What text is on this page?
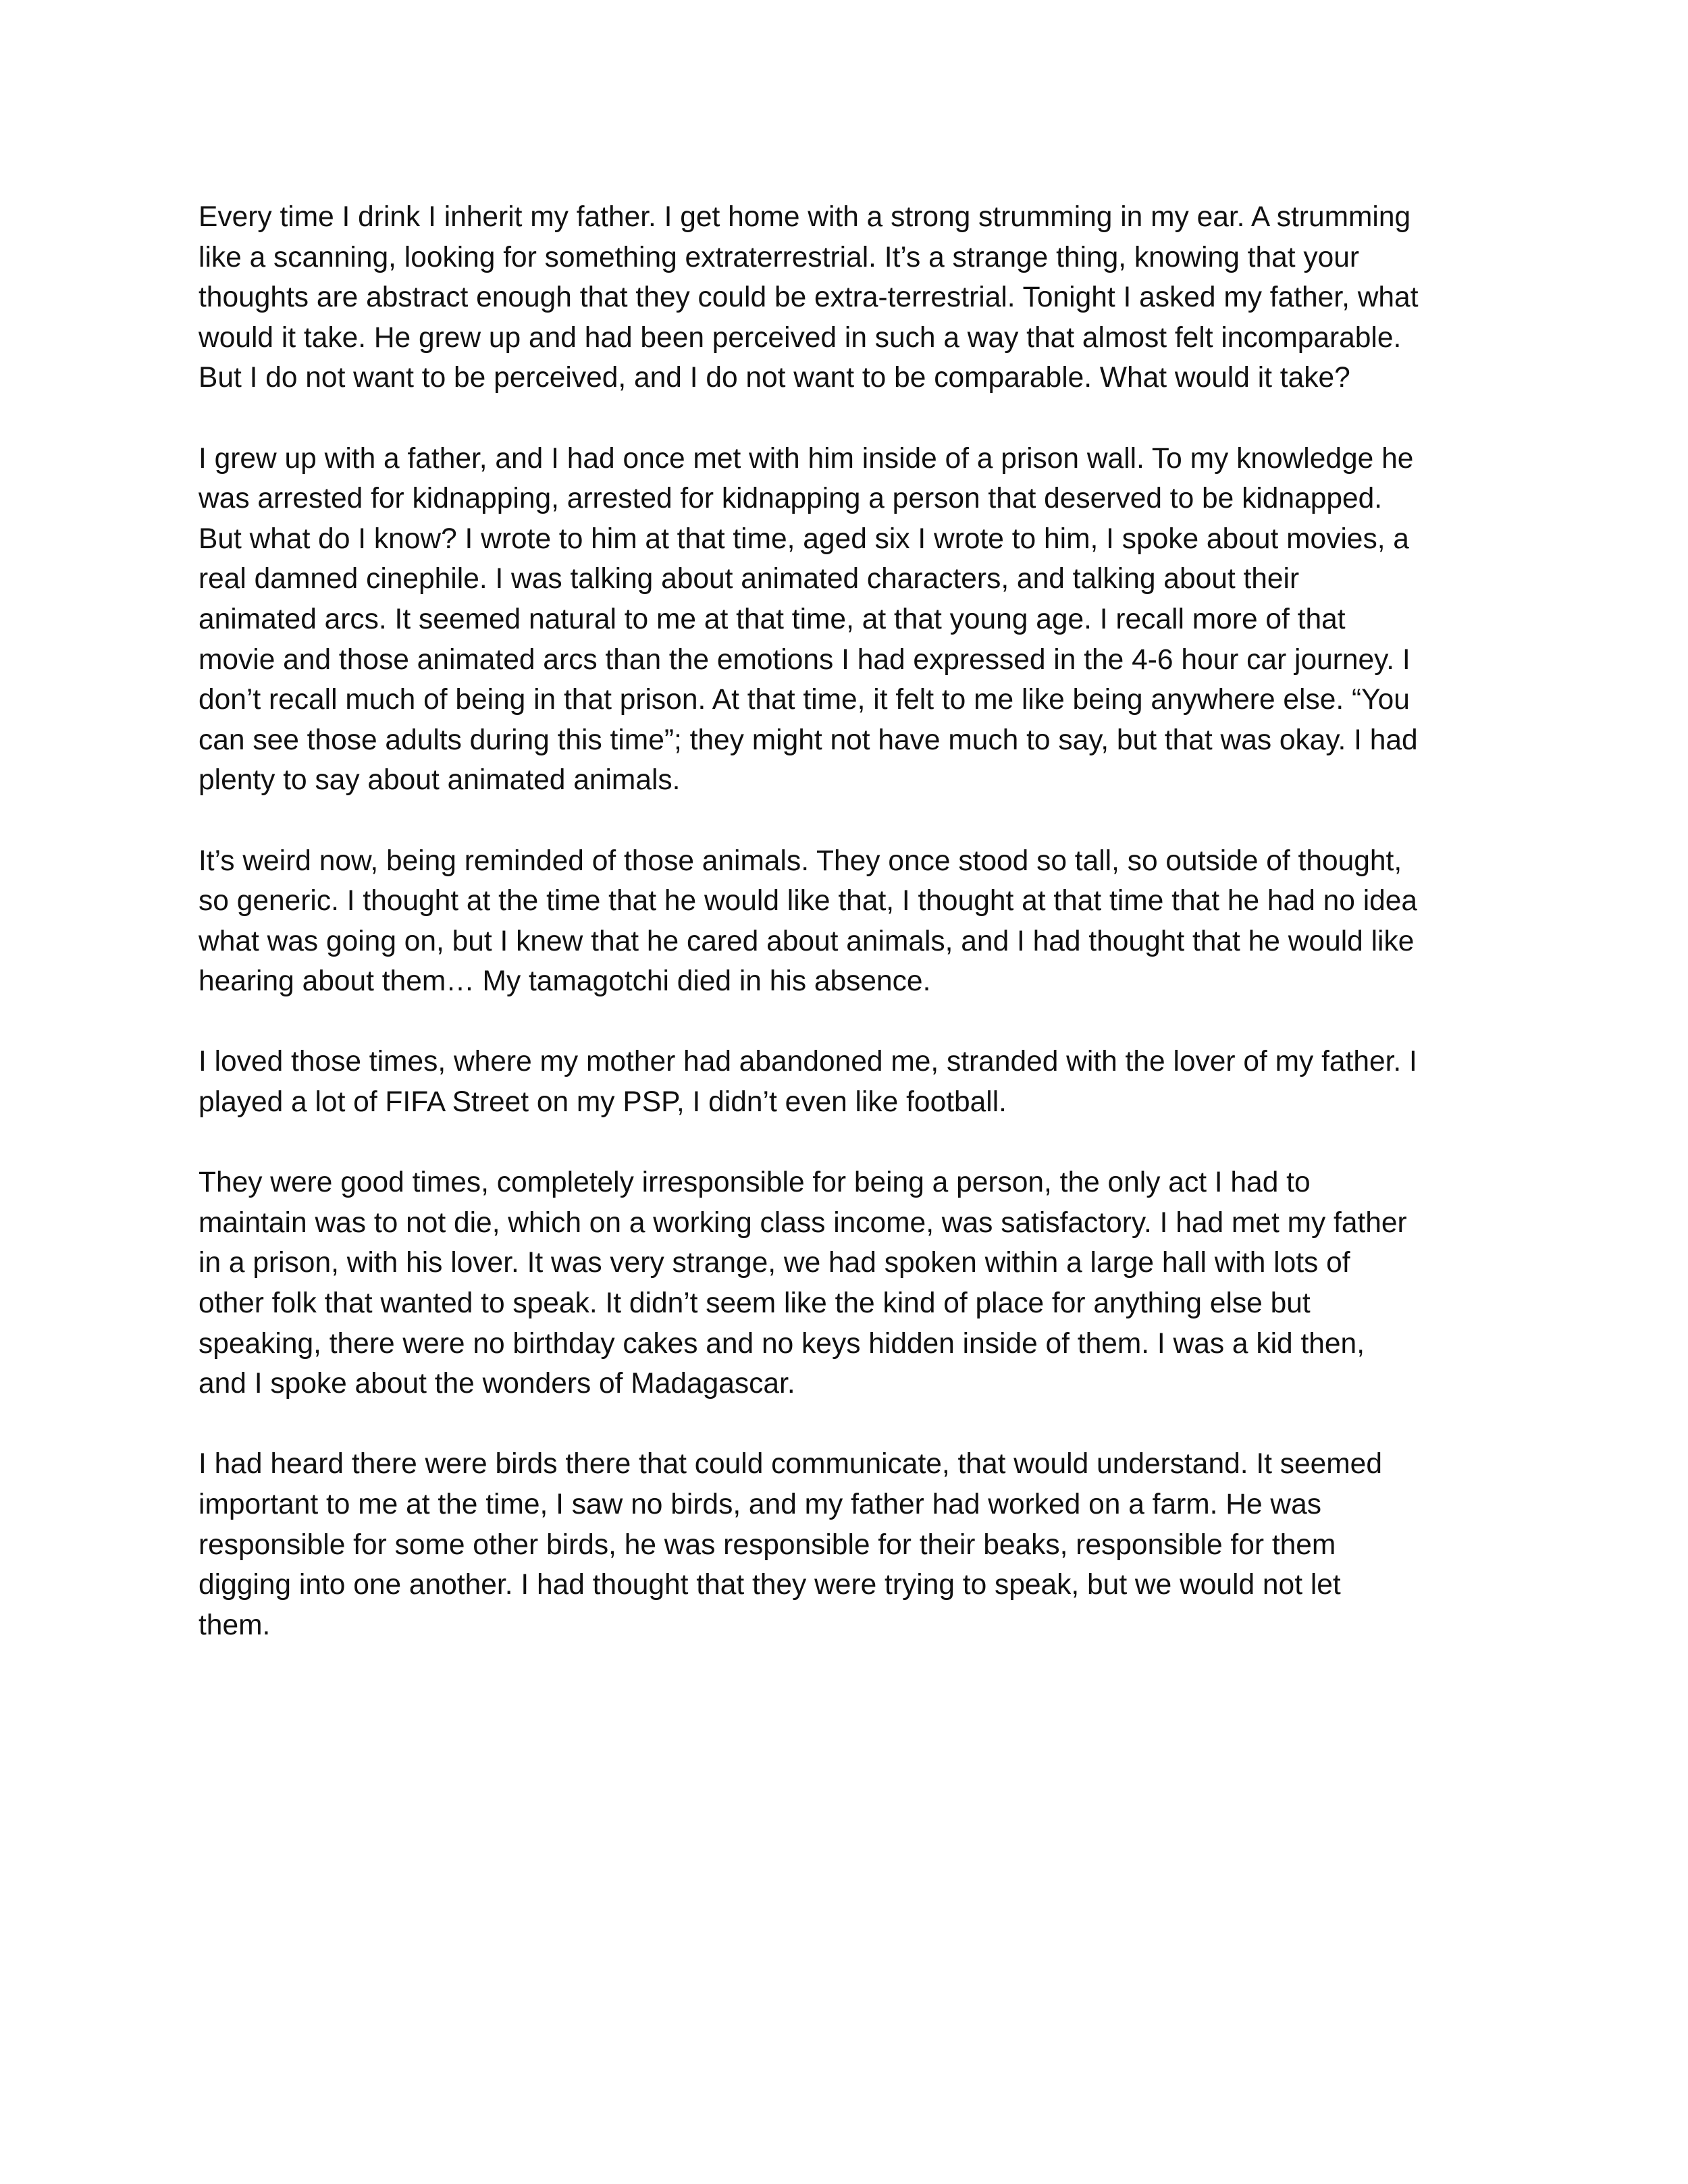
Every time I drink I inherit my father. I get home with a strong strumming in my ear. A strumming
like a scanning, looking for something extraterrestrial. It’s a strange thing, knowing that your
thoughts are abstract enough that they could be extra-terrestrial. Tonight I asked my father, what
would it take. He grew up and had been perceived in such a way that almost felt incomparable.
But I do not want to be perceived, and I do not want to be comparable. What would it take?

I grew up with a father, and I had once met with him inside of a prison wall. To my knowledge he
was arrested for kidnapping, arrested for kidnapping a person that deserved to be kidnapped.
But what do I know? I wrote to him at that time, aged six I wrote to him, I spoke about movies, a
real damned cinephile. I was talking about animated characters, and talking about their
animated arcs. It seemed natural to me at that time, at that young age. I recall more of that
movie and those animated arcs than the emotions I had expressed in the 4-6 hour car journey. I
don’t recall much of being in that prison. At that time, it felt to me like being anywhere else. “You
can see those adults during this time”; they might not have much to say, but that was okay. I had
plenty to say about animated animals.

It’s weird now, being reminded of those animals. They once stood so tall, so outside of thought,
so generic. I thought at the time that he would like that, I thought at that time that he had no idea
what was going on, but I knew that he cared about animals, and I had thought that he would like
hearing about them… My tamagotchi died in his absence.

I loved those times, where my mother had abandoned me, stranded with the lover of my father. I
played a lot of FIFA Street on my PSP, I didn’t even like football.

They were good times, completely irresponsible for being a person, the only act I had to
maintain was to not die, which on a working class income, was satisfactory. I had met my father
in a prison, with his lover. It was very strange, we had spoken within a large hall with lots of
other folk that wanted to speak. It didn’t seem like the kind of place for anything else but
speaking, there were no birthday cakes and no keys hidden inside of them. I was a kid then,
and I spoke about the wonders of Madagascar.

I had heard there were birds there that could communicate, that would understand. It seemed
important to me at the time, I saw no birds, and my father had worked on a farm. He was
responsible for some other birds, he was responsible for their beaks, responsible for them
digging into one another. I had thought that they were trying to speak, but we would not let
them.
